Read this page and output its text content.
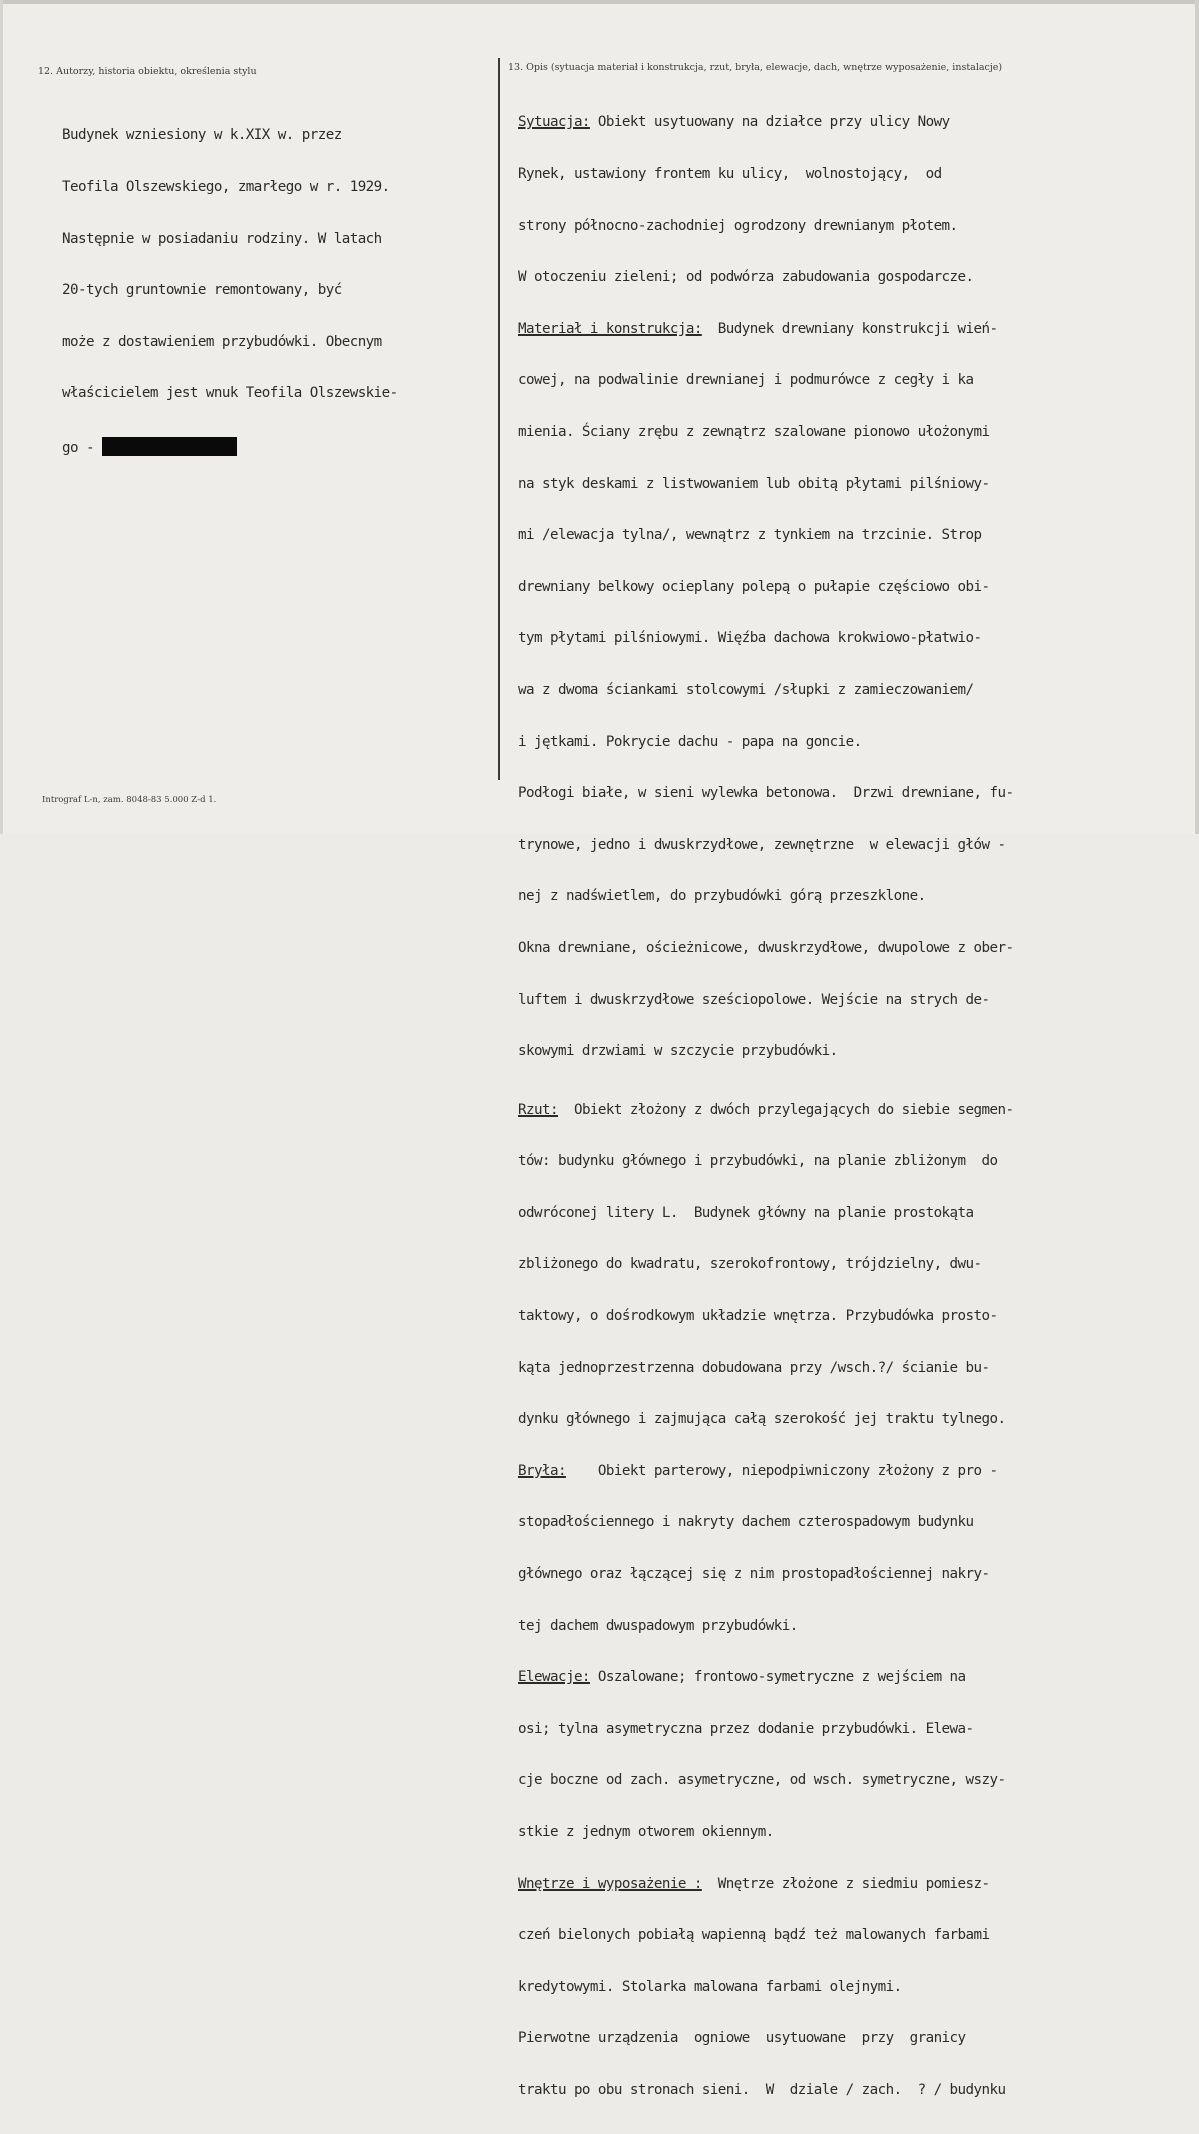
12. Autorzy, historia obiektu, określenia stylu	13. Opis (sytuacja materiał i konstrukcja, rzut, bryła, elewacje, dach, wnętrze wyposażenie, instalacje)

Budynek wzniesiony w k.XIX w. przez

Teofila Olszewskiego, zmarłego w r. 1929.

Następnie w posiadaniu rodziny. W latach

20-tych gruntownie remontowany, być

może z dostawieniem przybudówki. Obecnym

właścicielem jest wnuk Teofila Olszewskie-

go -

Sytuacja: Obiekt usytuowany na działce przy ulicy Nowy

Rynek, ustawiony frontem ku ulicy,  wolnostojący,  od

strony północno-zachodniej ogrodzony drewnianym płotem.

W otoczeniu zieleni; od podwórza zabudowania gospodarcze.

Materiał i konstrukcja:  Budynek drewniany konstrukcji wień-

cowej, na podwalinie drewnianej i podmurówce z cegły i ka

mienia. Ściany zrębu z zewnątrz szalowane pionowo ułożonymi

na styk deskami z listwowaniem lub obitą płytami pilśniowy-

mi /elewacja tylna/, wewnątrz z tynkiem na trzcinie. Strop

drewniany belkowy ocieplany polepą o pułapie częściowo obi-

tym płytami pilśniowymi. Więźba dachowa krokwiowo-płatwio-

wa z dwoma ściankami stolcowymi /słupki z zamieczowaniem/

i jętkami. Pokrycie dachu - papa na goncie.

Podłogi białe, w sieni wylewka betonowa.  Drzwi drewniane, fu-

trynowe, jedno i dwuskrzydłowe, zewnętrzne  w elewacji głów -

nej z nadświetlem, do przybudówki górą przeszklone.

Okna drewniane, ościeżnicowe, dwuskrzydłowe, dwupolowe z ober-

luftem i dwuskrzydłowe sześciopolowe. Wejście na strych de-

skowymi drzwiami w szczycie przybudówki.

Rzut:  Obiekt złożony z dwóch przylegających do siebie segmen-

tów: budynku głównego i przybudówki, na planie zbliżonym  do

odwróconej litery L.  Budynek główny na planie prostokąta

zbliżonego do kwadratu, szerokofrontowy, trójdzielny, dwu-

taktowy, o dośrodkowym układzie wnętrza. Przybudówka prosto-

kąta jednoprzestrzenna dobudowana przy /wsch.?/ ścianie bu-

dynku głównego i zajmująca całą szerokość jej traktu tylnego.

Bryła:    Obiekt parterowy, niepodpiwniczony złożony z pro -

stopadłościennego i nakryty dachem czterospadowym budynku

głównego oraz łączącej się z nim prostopadłościennej nakry-

tej dachem dwuspadowym przybudówki.

Elewacje: Oszalowane; frontowo-symetryczne z wejściem na

osi; tylna asymetryczna przez dodanie przybudówki. Elewa-

cje boczne od zach. asymetryczne, od wsch. symetryczne, wszy-

stkie z jednym otworem okiennym.

Wnętrze i wyposażenie :  Wnętrze złożone z siedmiu pomiesz-

czeń bielonych pobiałą wapienną bądź też malowanych farbami

kredytowymi. Stolarka malowana farbami olejnymi.

Pierwotne urządzenia  ogniowe  usytuowane  przy  granicy

traktu po obu stronach sieni.  W  dziale / zach.  ? / budynku

Intrograf L-n, zam. 8048-83 5.000 Z-d 1.
